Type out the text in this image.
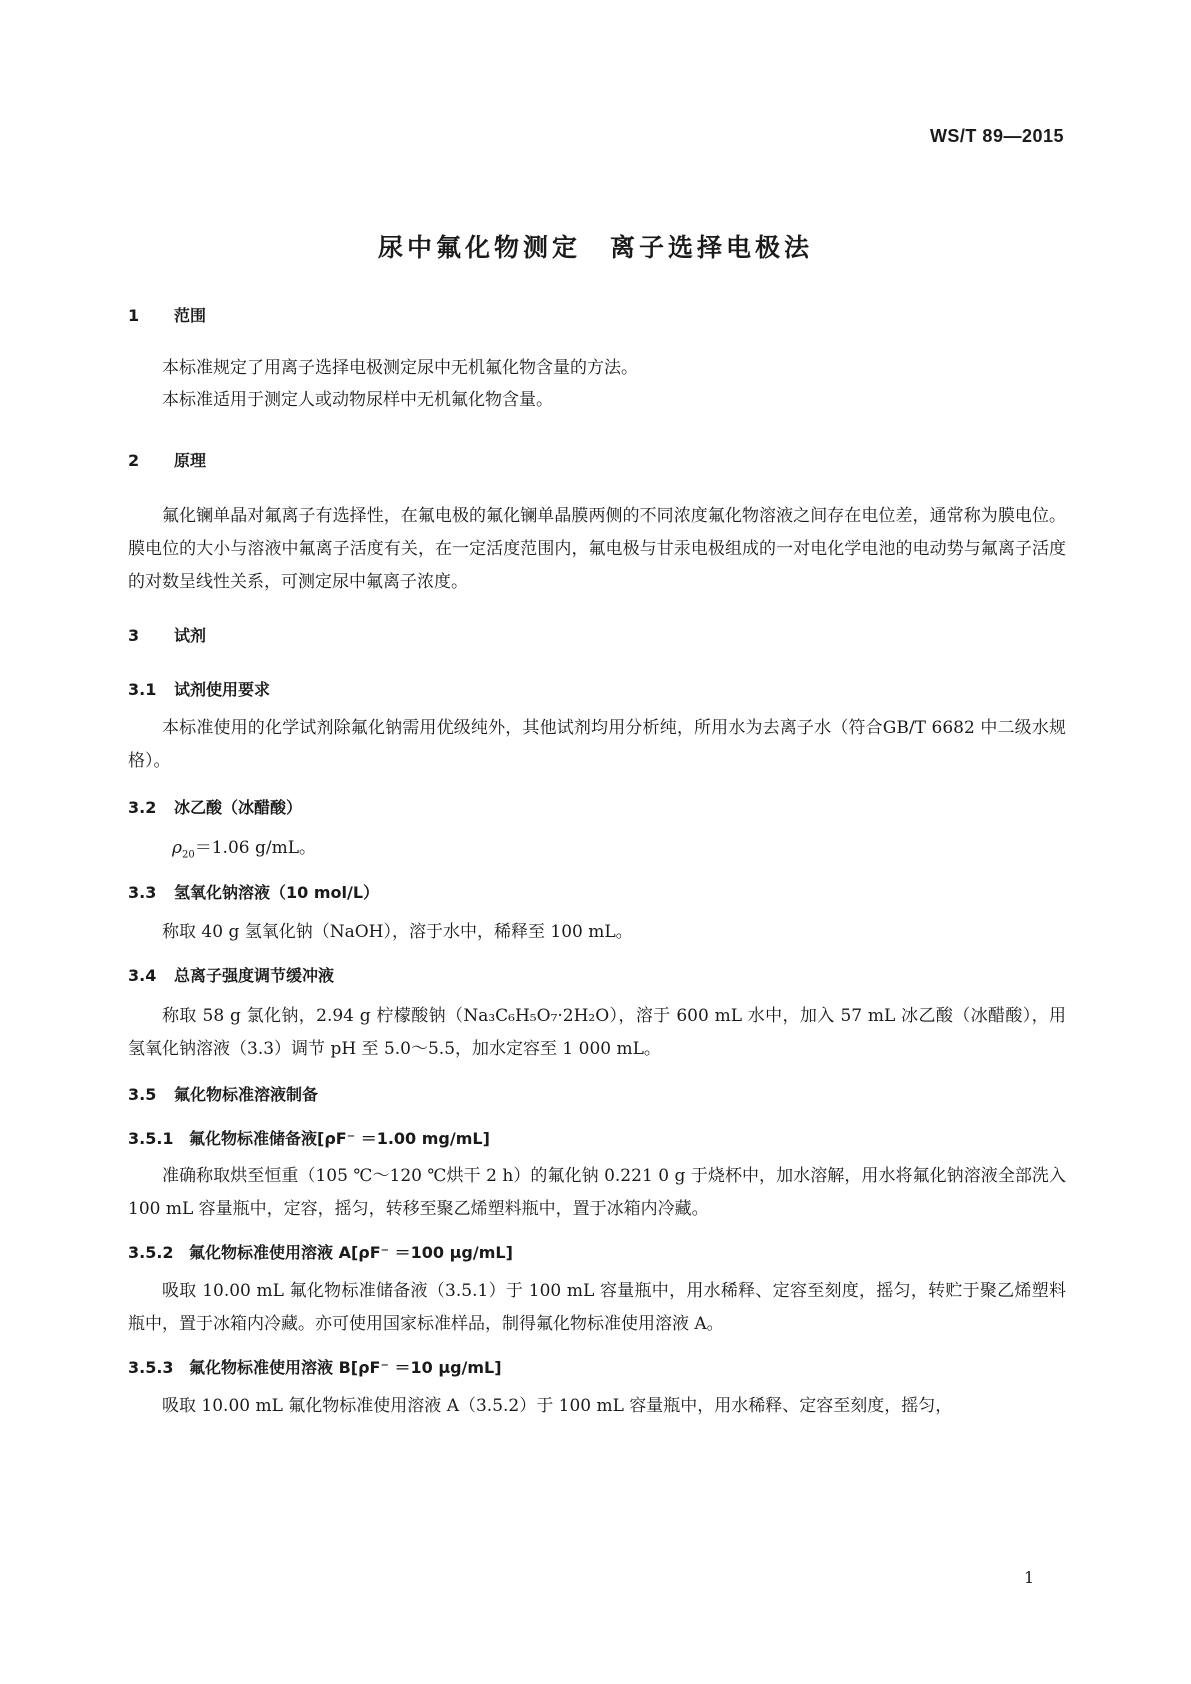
WS/T 89—2015
尿中氟化物测定　离子选择电极法
1 范围
本标准规定了用离子选择电极测定尿中无机氟化物含量的方法。
本标准适用于测定人或动物尿样中无机氟化物含量。
2 原理
氟化镧单晶对氟离子有选择性，在氟电极的氟化镧单晶膜两侧的不同浓度氟化物溶液之间存在电位差，通常称为膜电位。膜电位的大小与溶液中氟离子活度有关，在一定活度范围内，氟电极与甘汞电极组成的一对电化学电池的电动势与氟离子活度的对数呈线性关系，可测定尿中氟离子浓度。
3 试剂
3.1 试剂使用要求
本标准使用的化学试剂除氟化钠需用优级纯外，其他试剂均用分析纯，所用水为去离子水（符合GB/T 6682 中二级水规格）。
3.2 冰乙酸（冰醋酸）
$\rho_{20}=1.06$ g/mL。
3.3 氢氧化钠溶液（10 mol/L）
称取 40 g 氢氧化钠（NaOH），溶于水中，稀释至 100 mL。
3.4 总离子强度调节缓冲液
称取 58 g 氯化钠，2.94 g 柠檬酸钠（Na₃C₆H₅O₇·2H₂O），溶于 600 mL 水中，加入 57 mL 冰乙酸（冰醋酸），用氢氧化钠溶液（3.3）调节 pH 至 5.0～5.5，加水定容至 1 000 mL。
3.5 氟化物标准溶液制备
3.5.1 氟化物标准储备液[ρF⁻ ＝1.00 mg/mL]
准确称取烘至恒重（105 ℃～120 ℃烘干 2 h）的氟化钠 0.221 0 g 于烧杯中，加水溶解，用水将氟化钠溶液全部洗入 100 mL 容量瓶中，定容，摇匀，转移至聚乙烯塑料瓶中，置于冰箱内冷藏。
3.5.2 氟化物标准使用溶液 A[ρF⁻ ＝100 μg/mL]
吸取 10.00 mL 氟化物标准储备液（3.5.1）于 100 mL 容量瓶中，用水稀释、定容至刻度，摇匀，转贮于聚乙烯塑料瓶中，置于冰箱内冷藏。亦可使用国家标准样品，制得氟化物标准使用溶液 A。
3.5.3 氟化物标准使用溶液 B[ρF⁻ ＝10 μg/mL]
吸取 10.00 mL 氟化物标准使用溶液 A（3.5.2）于 100 mL 容量瓶中，用水稀释、定容至刻度，摇匀，
1
